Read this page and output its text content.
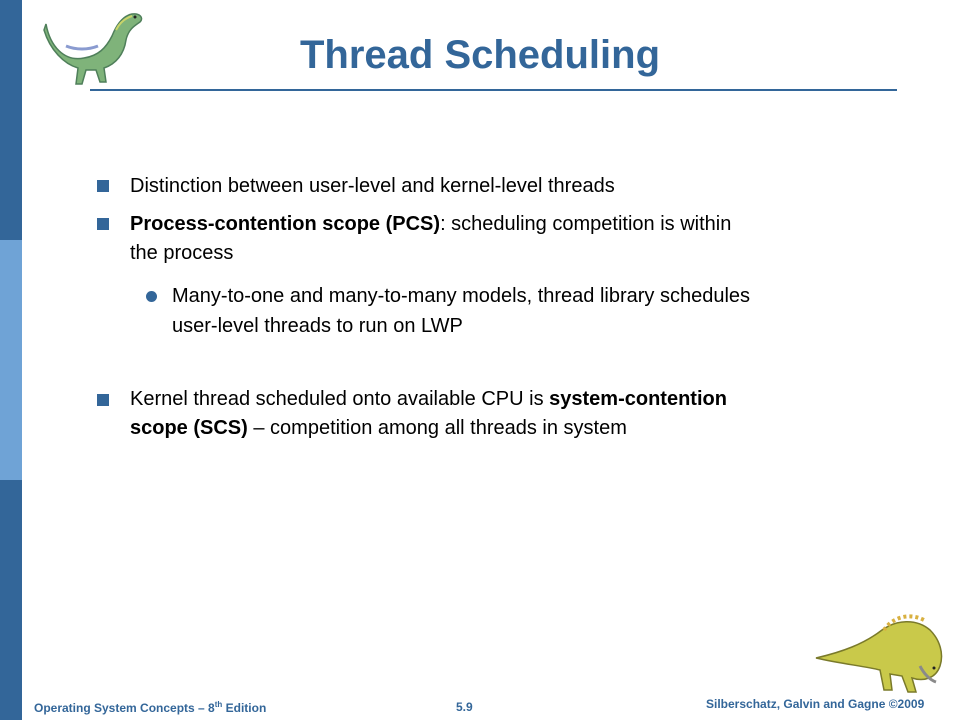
Thread Scheduling
Distinction between user-level and kernel-level threads
Process-contention scope (PCS): scheduling competition is within
the process
Many-to-one and many-to-many models, thread library schedules
user-level threads to run on LWP
Kernel thread scheduled onto available CPU is system-contention
scope (SCS) – competition among all threads in system
Operating System Concepts – 8th Edition	5.9	Silberschatz, Galvin and Gagne ©2009
